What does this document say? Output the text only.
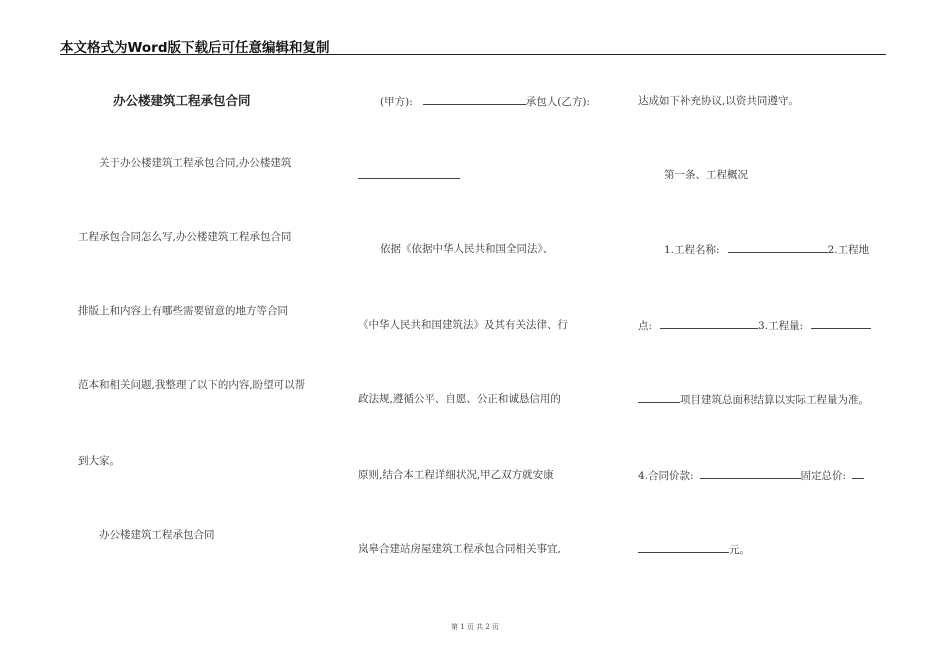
本文格式为Word版下载后可任意编辑和复制
办公楼建筑工程承包合同
关于办公楼建筑工程承包合同,办公楼建筑
工程承包合同怎么写,办公楼建筑工程承包合同
排版上和内容上有哪些需要留意的地方等合同
范本和相关问题,我整理了以下的内容,盼望可以帮
到大家。
办公楼建筑工程承包合同
(甲方):	承包人(乙方):
依据《依据中华人民共和国全同法》、
《中华人民共和国建筑法》及其有关法律、行
政法规,遵循公平、自愿、公正和诚恳信用的
原则,结合本工程详细状况,甲乙双方就安康
岚皋合建站房屋建筑工程承包合同相关事宜,
达成如下补充协议,以资共同遵守。
第一条、工程概况
1.工程名称:	2.工程地
点:	3.工程量:
项目建筑总面积结算以实际工程量为准。
4.合同价款:	固定总价:
元。
第 1 页 共 2 页
